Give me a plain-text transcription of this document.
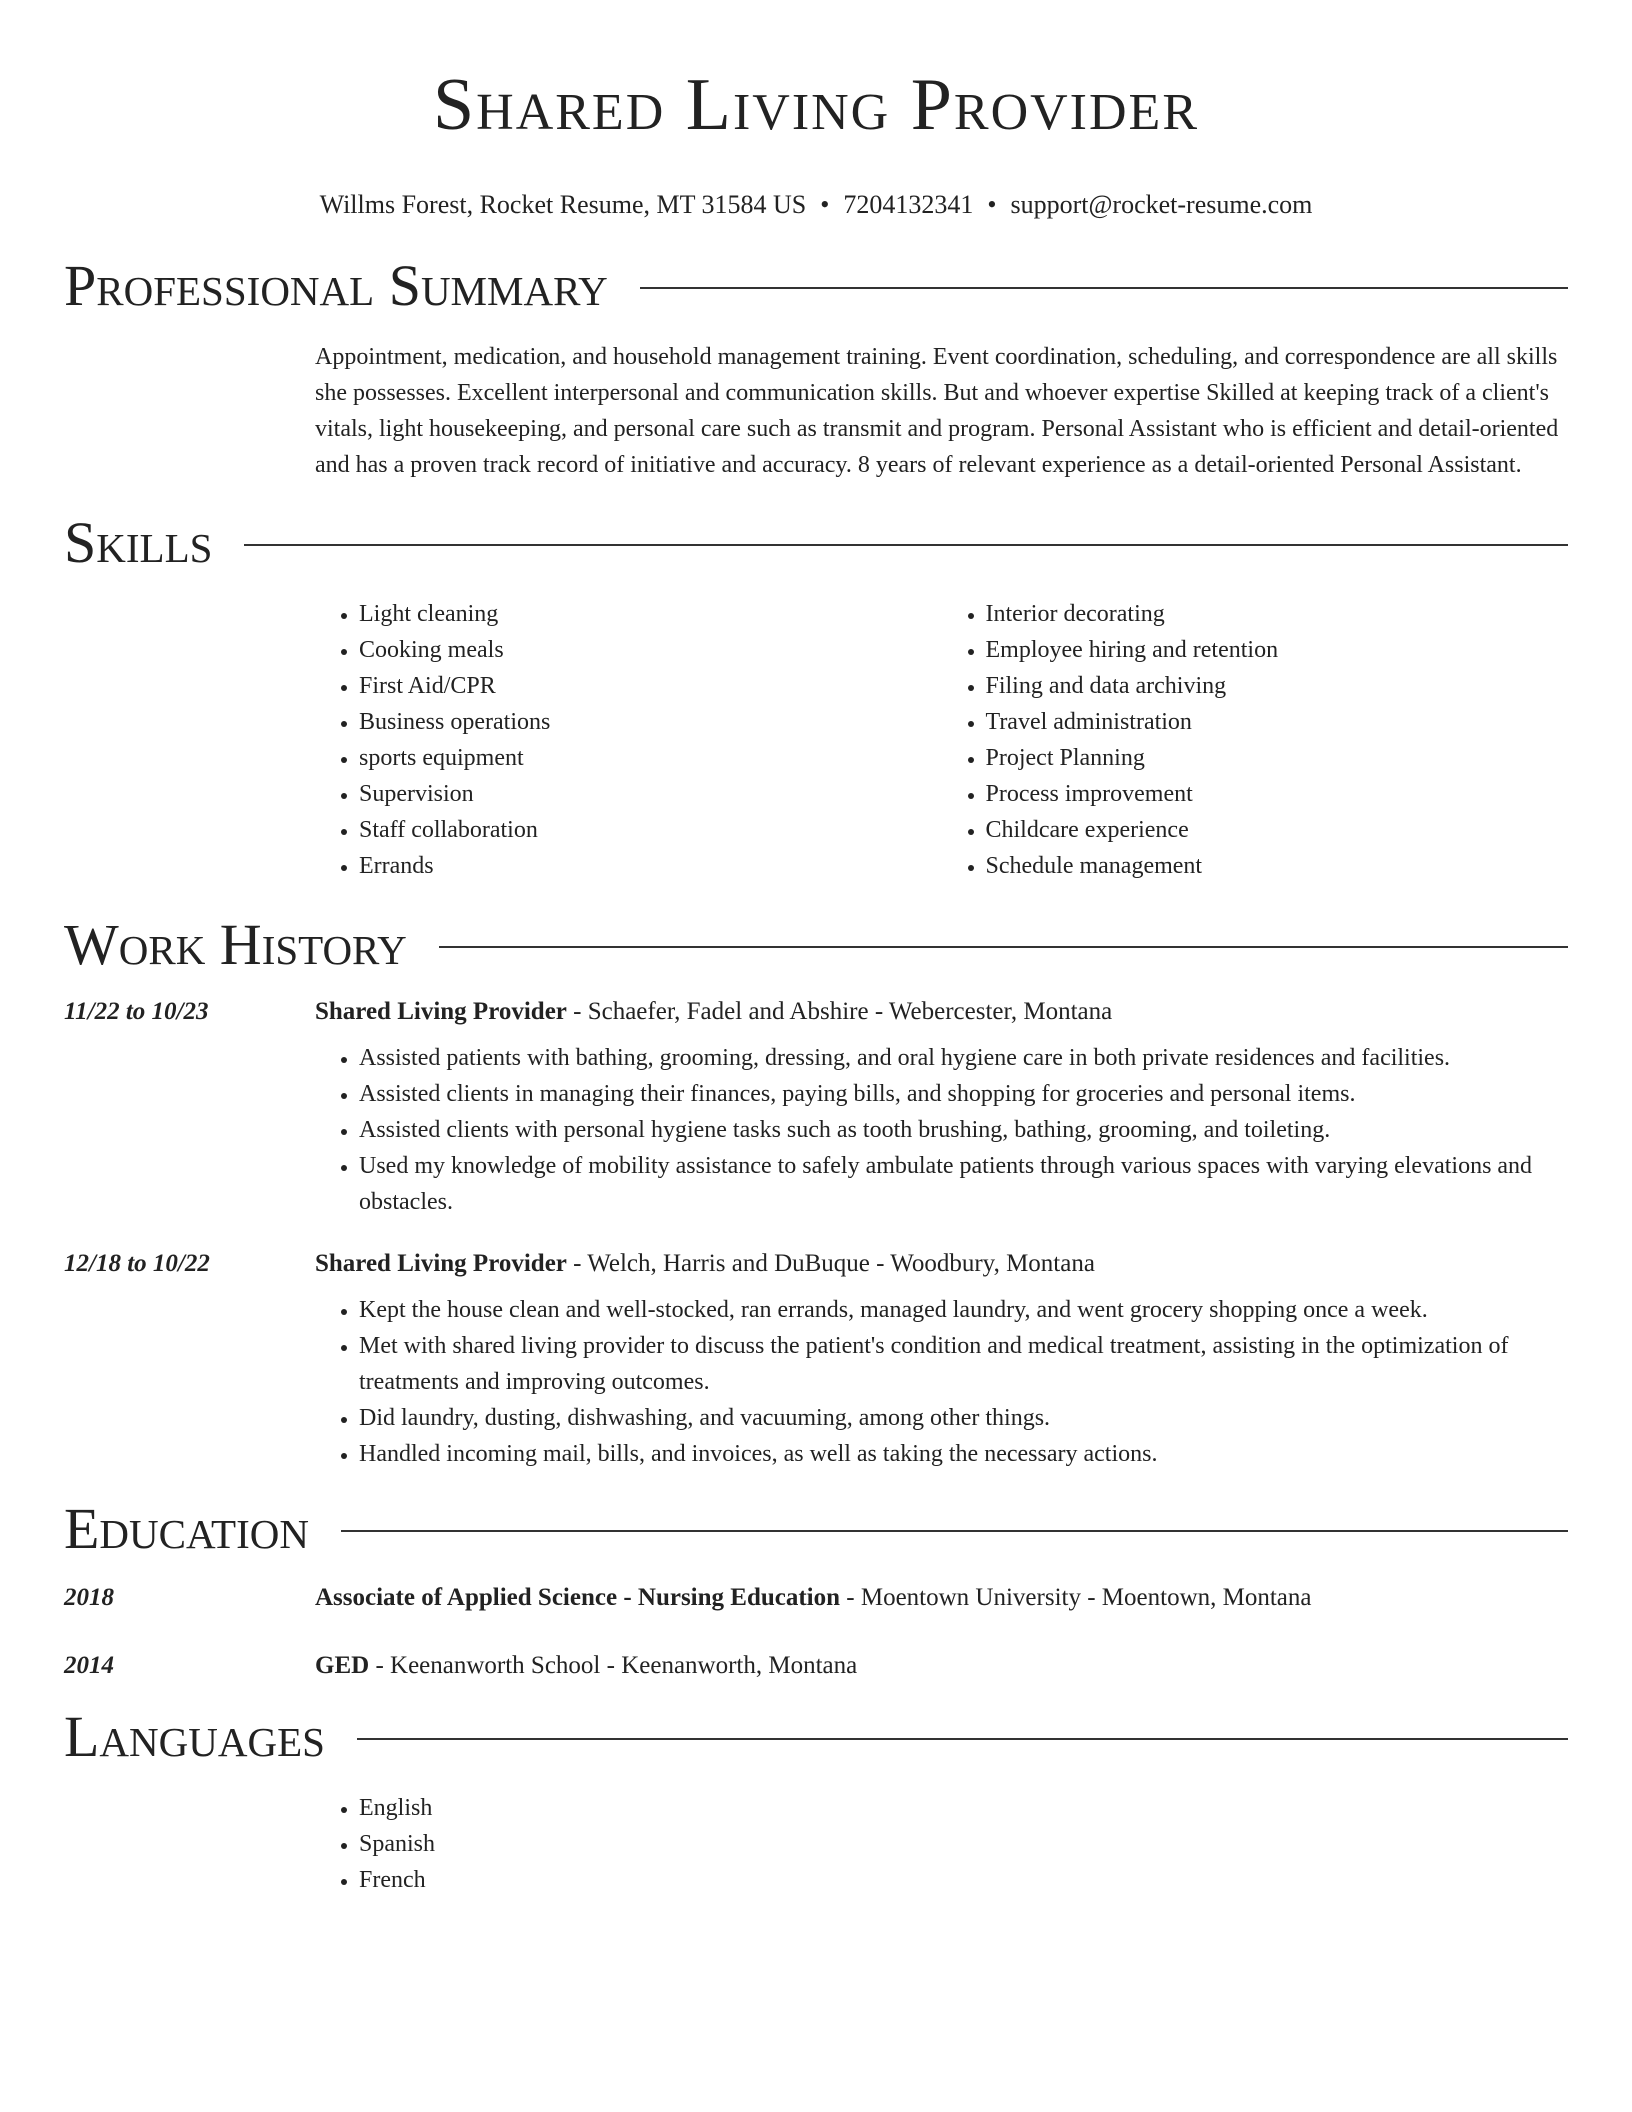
Shared Living Provider
Willms Forest, Rocket Resume, MT 31584 US • 7204132341 • support@rocket-resume.com
Professional Summary

Appointment, medication, and household management training. Event coordination, scheduling, and correspondence are all skills she possesses. Excellent interpersonal and communication skills. But and whoever expertise Skilled at keeping track of a client's vitals, light housekeeping, and personal care such as transmit and program. Personal Assistant who is efficient and detail-oriented and has a proven track record of initiative and accuracy. 8 years of relevant experience as a detail-oriented Personal Assistant.

Skills
• Light cleaning
• Cooking meals
• First Aid/CPR
• Business operations
• sports equipment
• Supervision
• Staff collaboration
• Errands
• Interior decorating
• Employee hiring and retention
• Filing and data archiving
• Travel administration
• Project Planning
• Process improvement
• Childcare experience
• Schedule management
Work History
11/22 to 10/23	Shared Living Provider - Schaefer, Fadel and Abshire - Webercester, Montana
• Assisted patients with bathing, grooming, dressing, and oral hygiene care in both private residences and facilities.
• Assisted clients in managing their finances, paying bills, and shopping for groceries and personal items.
• Assisted clients with personal hygiene tasks such as tooth brushing, bathing, grooming, and toileting.
• Used my knowledge of mobility assistance to safely ambulate patients through various spaces with varying elevations and obstacles.
12/18 to 10/22	Shared Living Provider - Welch, Harris and DuBuque - Woodbury, Montana
• Kept the house clean and well-stocked, ran errands, managed laundry, and went grocery shopping once a week.
• Met with shared living provider to discuss the patient's condition and medical treatment, assisting in the optimization of treatments and improving outcomes.
• Did laundry, dusting, dishwashing, and vacuuming, among other things.
• Handled incoming mail, bills, and invoices, as well as taking the necessary actions.
Education
2018	Associate of Applied Science - Nursing Education - Moentown University - Moentown, Montana
2014	GED - Keenanworth School - Keenanworth, Montana
Languages
• English
• Spanish
• French
